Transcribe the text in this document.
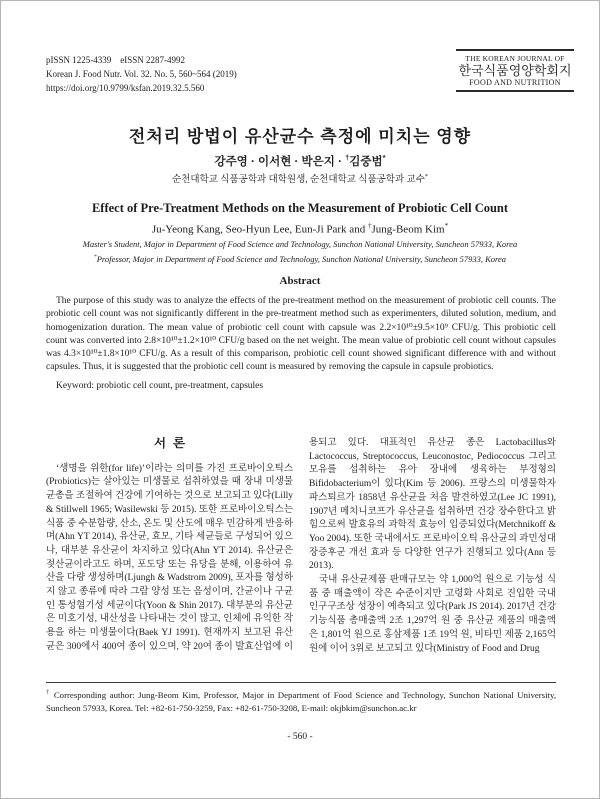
pISSN 1225-4339    eISSN 2287-4992
Korean J. Food Nutr. Vol. 32. No. 5, 560~564 (2019)
https://doi.org/10.9799/ksfan.2019.32.5.560
THE KOREAN JOURNAL OF
한국식품영양학회지
FOOD AND NUTRITION
전처리 방법이 유산균수 측정에 미치는 영향
강주영 · 이서현 · 박은지 · †김중범*
순천대학교 식품공학과 대학원생, 순천대학교 식품공학과 교수*
Effect of Pre-Treatment Methods on the Measurement of Probiotic Cell Count
Ju-Yeong Kang, Seo-Hyun Lee, Eun-Ji Park and †Jung-Beom Kim*
Master's Student, Major in Department of Food Science and Technology, Sunchon National University, Suncheon 57933, Korea
*Professor, Major in Department of Food Science and Technology, Sunchon National University, Suncheon 57933, Korea
Abstract

The purpose of this study was to analyze the effects of the pre-treatment method on the measurement of probiotic cell counts. The probiotic cell count was not significantly different in the pre-treatment method such as experimenters, diluted solution, medium, and homogenization duration. The mean value of probiotic cell count with capsule was 2.2×10¹⁰±9.5×10⁹ CFU/g. This probiotic cell count was converted into 2.8×10¹⁰±1.2×10¹⁰ CFU/g based on the net weight. The mean value of probiotic cell count without capsules was 4.3×10¹⁰±1.8×10¹⁰ CFU/g. As a result of this comparison, probiotic cell count showed significant difference with and without capsules. Thus, it is suggested that the probiotic cell count is measured by removing the capsule in capsule probiotics.

Keyword: probiotic cell count, pre-treatment, capsules
서  론

‘생명을 위한(for life)’이라는 의미를 가진 프로바이오틱스(Probiotics)는 살아있는 미생물로 섭취하였을 때 장내 미생물 균총을 조절하여 건강에 기여하는 것으로 보고되고 있다(Lilly & Stillwell 1965; Wasilewski 등 2015). 또한 프로바이오틱스는 식품 중 수분함량, 산소, 온도 및 산도에 매우 민감하게 반응하며(Ahn YT 2014), 유산균, 효모, 기타 세균들로 구성되어 있으나, 대부분 유산균이 차지하고 있다(Ahn YT 2014). 유산균은 젖산균이라고도 하며, 포도당 또는 유당을 분해, 이용하여 유산을 다량 생성하며(Ljungh & Wadstrom 2009), 포자를 형성하지 않고 종류에 따라 그람 양성 또는 음성이며, 간균이나 구균인 통성혐기성 세균이다(Yoon & Shin 2017). 대부분의 유산균은 미호기성, 내산성을 나타내는 것이 많고, 인체에 유익한 작용을 하는 미생물이다(Baek YJ 1991). 현재까지 보고된 유산균은 300에서 400여 종이 있으며, 약 20여 종이 발효산업에 이용되고 있다. 대표적인 유산균 종은 Lactobacillus와 Lactococcus, Streptococcus, Leuconostoc, Pediococcus 그리고 모유를 섭취하는 유아 장내에 생육하는 부정형의 Bifidobacterium이 있다(Kim 등 2006). 프랑스의 미생물학자 파스퇴르가 1858년 유산균을 처음 발견하였고(Lee JC 1991), 1907년 메치니코프가 유산균을 섭취하면 건강 장수한다고 밝힘으로써 발효유의 과학적 효능이 입증되었다(Metchnikoff & Yoo 2004). 또한 국내에서도 프로바이오틱 유산균의 과민성대장증후군 개선 효과 등 다양한 연구가 진행되고 있다(Ann 등 2013).

국내 유산균제품 판매규모는 약 1,000억 원으로 기능성 식품 중 매출액이 작은 수준이지만 고령화 사회로 진입한 국내 인구구조상 성장이 예측되고 있다(Park JS 2014). 2017년 건강기능식품 총매출액 2조 1,297억 원 중 유산균 제품의 매출액은 1,801억 원으로 홍삼제품 1조 19억 원, 비타민 제품 2,165억 원에 이어 3위로 보고되고 있다(Ministry of Food and Drug

† Corresponding author: Jung-Beom Kim, Professor, Major in Department of Food Science and Technology, Sunchon National University, Suncheon 57933, Korea. Tel: +82-61-750-3259, Fax: +82-61-750-3208, E-mail: okjbkim@sunchon.ac.kr
- 560 -
